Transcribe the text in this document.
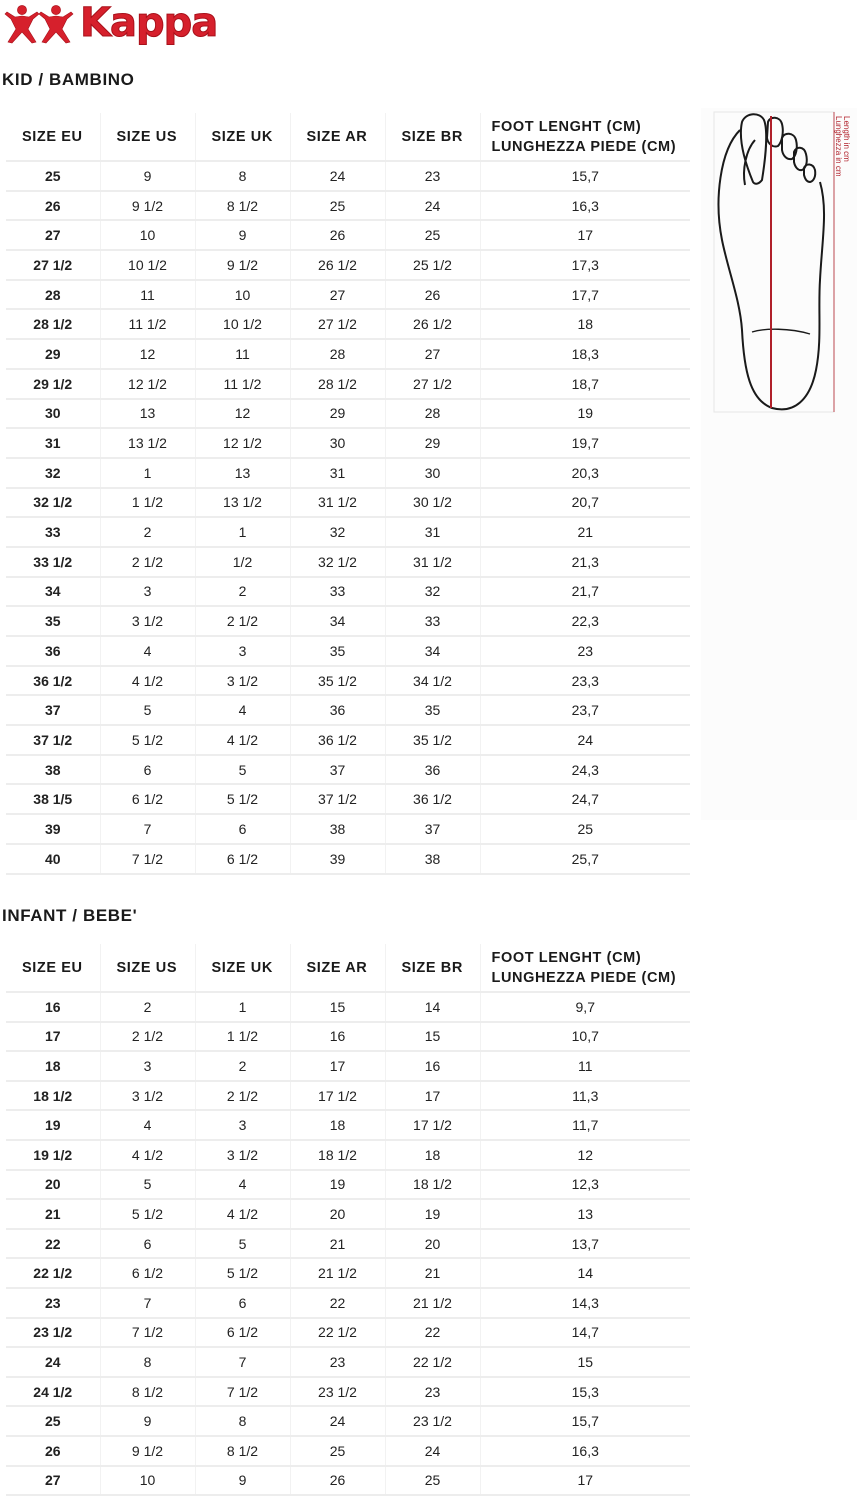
Kappa
KID / BAMBINO
SIZE EU	SIZE US	SIZE UK	SIZE AR	SIZE BR	FOOT LENGHT (CM)
LUNGHEZZA PIEDE (CM)

25	9	8	24	23	15,7
26	9 1/2	8 1/2	25	24	16,3
27	10	9	26	25	17
27 1/2	10 1/2	9 1/2	26 1/2	25 1/2	17,3
28	11	10	27	26	17,7
28 1/2	11 1/2	10 1/2	27 1/2	26 1/2	18
29	12	11	28	27	18,3
29 1/2	12 1/2	11 1/2	28 1/2	27 1/2	18,7
30	13	12	29	28	19
31	13 1/2	12 1/2	30	29	19,7
32	1	13	31	30	20,3
32 1/2	1 1/2	13 1/2	31 1/2	30 1/2	20,7
33	2	1	32	31	21
33 1/2	2 1/2	1/2	32 1/2	31 1/2	21,3
34	3	2	33	32	21,7
35	3 1/2	2 1/2	34	33	22,3
36	4	3	35	34	23
36 1/2	4 1/2	3 1/2	35 1/2	34 1/2	23,3
37	5	4	36	35	23,7
37 1/2	5 1/2	4 1/2	36 1/2	35 1/2	24
38	6	5	37	36	24,3
38 1/5	6 1/2	5 1/2	37 1/2	36 1/2	24,7
39	7	6	38	37	25
40	7 1/2	6 1/2	39	38	25,7
Length in cm
Lunghezza in cm
INFANT / BEBE'
SIZE EU	SIZE US	SIZE UK	SIZE AR	SIZE BR	FOOT LENGHT (CM)
LUNGHEZZA PIEDE (CM)

16	2	1	15	14	9,7
17	2 1/2	1 1/2	16	15	10,7
18	3	2	17	16	11
18 1/2	3 1/2	2 1/2	17 1/2	17	11,3
19	4	3	18	17 1/2	11,7
19 1/2	4 1/2	3 1/2	18 1/2	18	12
20	5	4	19	18 1/2	12,3
21	5 1/2	4 1/2	20	19	13
22	6	5	21	20	13,7
22 1/2	6 1/2	5 1/2	21 1/2	21	14
23	7	6	22	21 1/2	14,3
23 1/2	7 1/2	6 1/2	22 1/2	22	14,7
24	8	7	23	22 1/2	15
24 1/2	8 1/2	7 1/2	23 1/2	23	15,3
25	9	8	24	23 1/2	15,7
26	9 1/2	8 1/2	25	24	16,3
27	10	9	26	25	17
